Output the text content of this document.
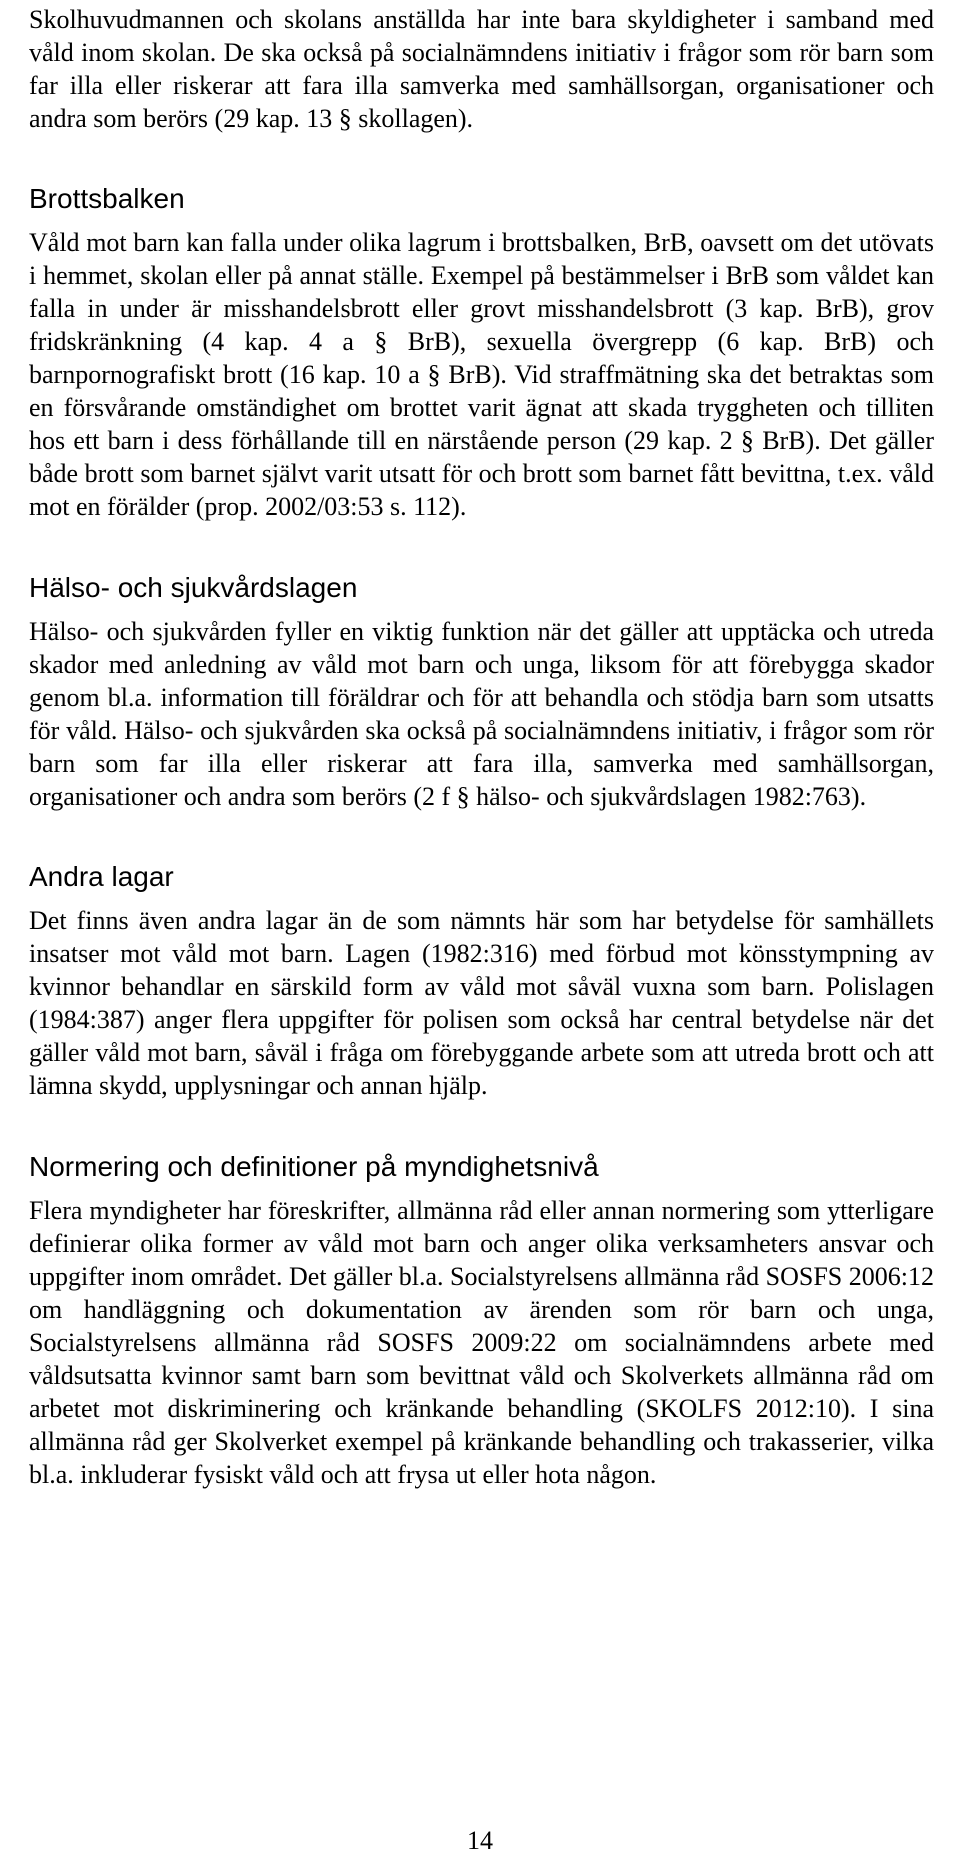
Skolhuvudmannen och skolans anställda har inte bara skyldigheter i samband med våld inom skolan. De ska också på socialnämndens initiativ i frågor som rör barn som far illa eller riskerar att fara illa samverka med samhällsorgan, organisationer och andra som berörs (29 kap. 13 § skollagen).

Brottsbalken

Våld mot barn kan falla under olika lagrum i brottsbalken, BrB, oavsett om det utövats i hemmet, skolan eller på annat ställe. Exempel på bestämmelser i BrB som våldet kan falla in under är misshandelsbrott eller grovt misshandelsbrott (3 kap. BrB), grov fridskränkning (4 kap. 4 a § BrB), sexuella övergrepp (6 kap. BrB) och barnpornografiskt brott (16 kap. 10 a § BrB). Vid straffmätning ska det betraktas som en försvårande omständighet om brottet varit ägnat att skada tryggheten och tilliten hos ett barn i dess förhållande till en närstående person (29 kap. 2 § BrB). Det gäller både brott som barnet självt varit utsatt för och brott som barnet fått bevittna, t.ex. våld mot en förälder (prop. 2002/03:53 s. 112).

Hälso- och sjukvårdslagen

Hälso- och sjukvården fyller en viktig funktion när det gäller att upptäcka och utreda skador med anledning av våld mot barn och unga, liksom för att förebygga skador genom bl.a. information till föräldrar och för att behandla och stödja barn som utsatts för våld. Hälso- och sjukvården ska också på socialnämndens initiativ, i frågor som rör barn som far illa eller riskerar att fara illa, samverka med samhällsorgan, organisationer och andra som berörs (2 f § hälso- och sjukvårdslagen 1982:763).

Andra lagar

Det finns även andra lagar än de som nämnts här som har betydelse för samhällets insatser mot våld mot barn. Lagen (1982:316) med förbud mot könsstympning av kvinnor behandlar en särskild form av våld mot såväl vuxna som barn. Polislagen (1984:387) anger flera uppgifter för polisen som också har central betydelse när det gäller våld mot barn, såväl i fråga om förebyggande arbete som att utreda brott och att lämna skydd, upplysningar och annan hjälp.

Normering och definitioner på myndighetsnivå

Flera myndigheter har föreskrifter, allmänna råd eller annan normering som ytterligare definierar olika former av våld mot barn och anger olika verksamheters ansvar och uppgifter inom området. Det gäller bl.a. Socialstyrelsens allmänna råd SOSFS 2006:12 om handläggning och dokumentation av ärenden som rör barn och unga, Socialstyrelsens allmänna råd SOSFS 2009:22 om socialnämndens arbete med våldsutsatta kvinnor samt barn som bevittnat våld och Skolverkets allmänna råd om arbetet mot diskriminering och kränkande behandling (SKOLFS 2012:10). I sina allmänna råd ger Skolverket exempel på kränkande behandling och trakasserier, vilka bl.a. inkluderar fysiskt våld och att frysa ut eller hota någon.

14
